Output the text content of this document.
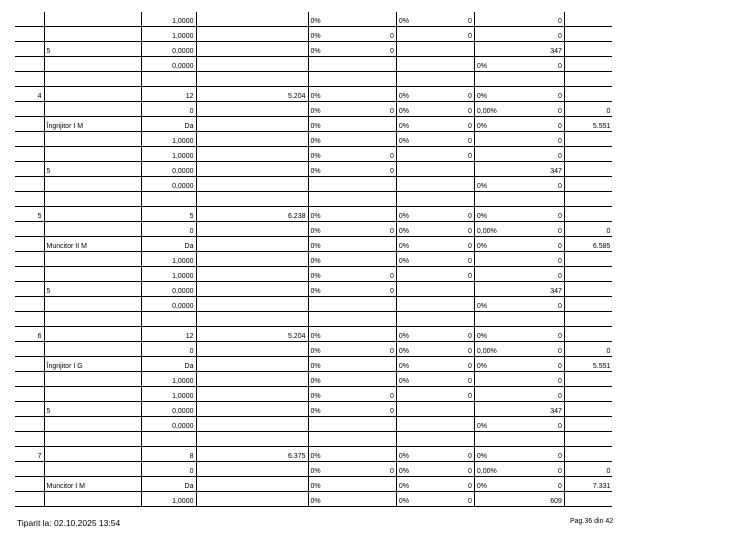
		1,0000		0%		0%	0		0	
		1,0000		0%	0		0		0	
	5	0,0000		0%	0				347	
		0,0000						0%	0	

4		12	5.204	0%		0%	0	0%	0	
		0		0%	0	0%	0	0,00%	0	0
	Îngrijitor I M	Da		0%		0%	0	0%	0	5.551
		1,0000		0%		0%	0		0	
		1,0000		0%	0		0		0	
	5	0,0000		0%	0				347	
		0,0000						0%	0	

5		5	6.238	0%		0%	0	0%	0	
		0		0%	0	0%	0	0,00%	0	0
	Muncitor II M	Da		0%		0%	0	0%	0	6.585
		1,0000		0%		0%	0		0	
		1,0000		0%	0		0		0	
	5	0,0000		0%	0				347	
		0,0000						0%	0	

6		12	5.204	0%		0%	0	0%	0	
		0		0%	0	0%	0	0,00%	0	0
	Îngrijitor I G	Da		0%		0%	0	0%	0	5.551
		1,0000		0%		0%	0		0	
		1,0000		0%	0		0		0	
	5	0,0000		0%	0				347	
		0,0000						0%	0	

7		8	6.375	0%		0%	0	0%	0	
		0		0%	0	0%	0	0,00%	0	0
	Muncitor I M	Da		0%		0%	0	0%	0	7.331
		1,0000		0%		0%	0		609	
Tiparit la: 02.10.2025 13:54	Pag.36 din 42
